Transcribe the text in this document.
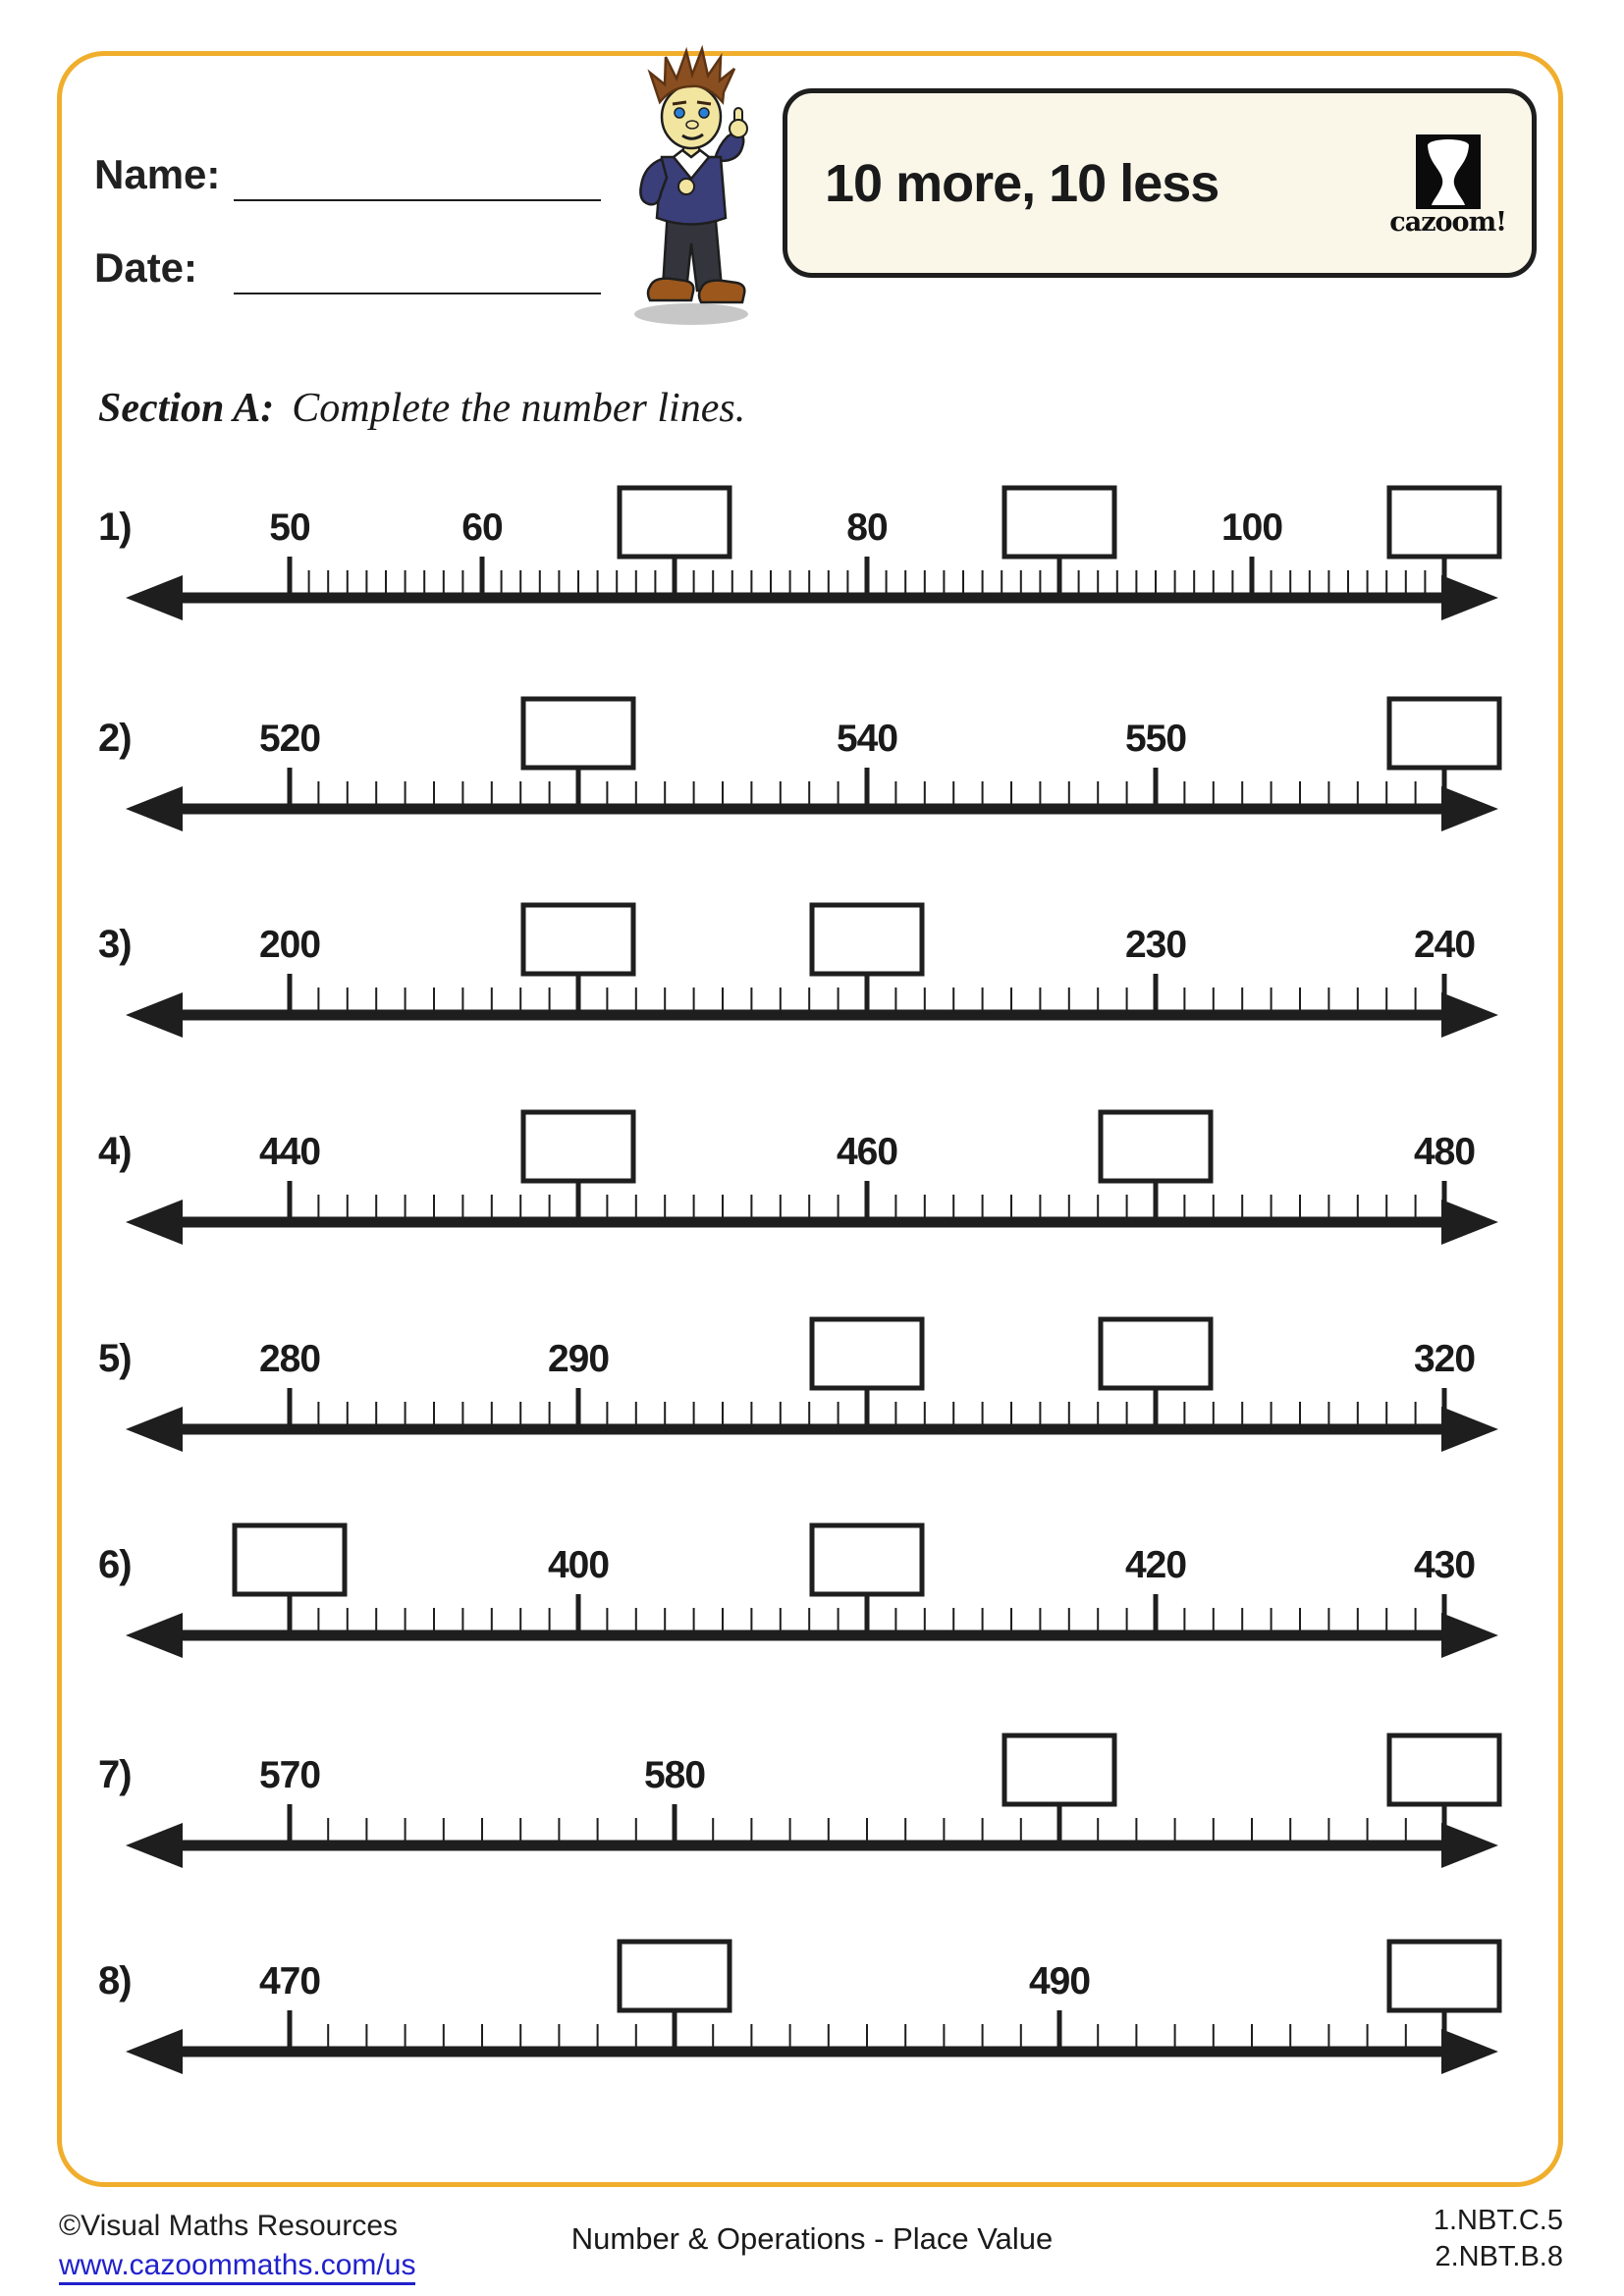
Name:
Date:
10 more, 10 less
cazoom!
Section A: Complete the number lines.
1)	50	60	80	100
2)	520	540	550
3)	200	230	240
4)	440	460	480
5)	280	290	320
6)	400	420	430
7)	570	580
8)	470	490
©Visual Maths Resources
www.cazoommaths.com/us
Number & Operations - Place Value
1.NBT.C.5
2.NBT.B.8
